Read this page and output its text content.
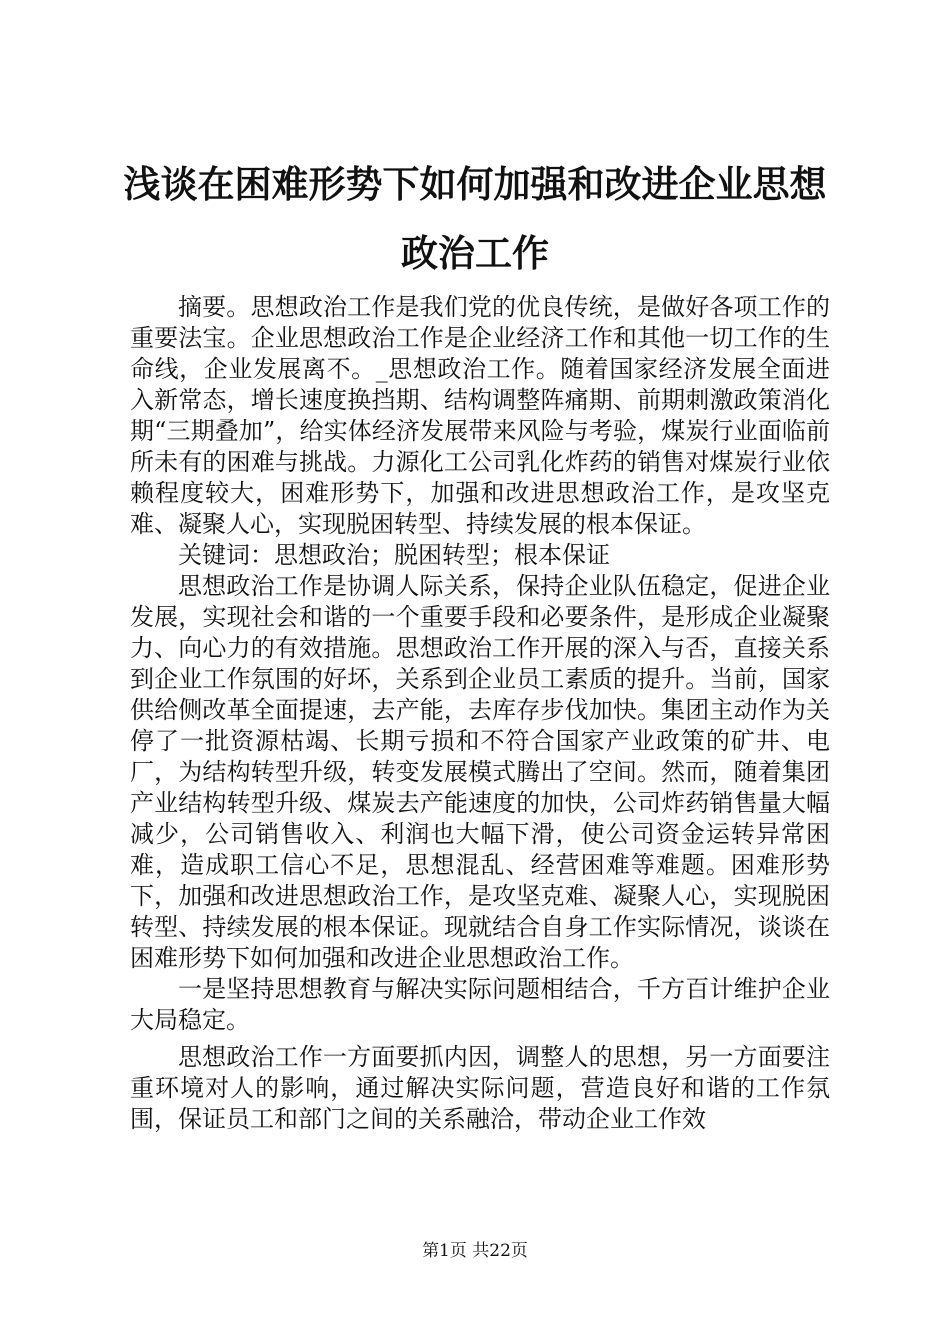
浅谈在困难形势下如何加强和改进企业思想政治工作

摘要。思想政治工作是我们党的优良传统，是做好各项工作的重要法宝。企业思想政治工作是企业经济工作和其他一切工作的生命线，企业发展离不。_思想政治工作。随着国家经济发展全面进入新常态，增长速度换挡期、结构调整阵痛期、前期刺激政策消化期“三期叠加”，给实体经济发展带来风险与考验，煤炭行业面临前所未有的困难与挑战。力源化工公司乳化炸药的销售对煤炭行业依赖程度较大，困难形势下，加强和改进思想政治工作，是攻坚克难、凝聚人心，实现脱困转型、持续发展的根本保证。

关键词：思想政治；脱困转型；根本保证

思想政治工作是协调人际关系，保持企业队伍稳定，促进企业发展，实现社会和谐的一个重要手段和必要条件，是形成企业凝聚力、向心力的有效措施。思想政治工作开展的深入与否，直接关系到企业工作氛围的好坏，关系到企业员工素质的提升。当前，国家供给侧改革全面提速，去产能，去库存步伐加快。集团主动作为关停了一批资源枯竭、长期亏损和不符合国家产业政策的矿井、电厂，为结构转型升级，转变发展模式腾出了空间。然而，随着集团产业结构转型升级、煤炭去产能速度的加快，公司炸药销售量大幅减少，公司销售收入、利润也大幅下滑，使公司资金运转异常困难，造成职工信心不足，思想混乱、经营困难等难题。困难形势下，加强和改进思想政治工作，是攻坚克难、凝聚人心，实现脱困转型、持续发展的根本保证。现就结合自身工作实际情况，谈谈在困难形势下如何加强和改进企业思想政治工作。

一是坚持思想教育与解决实际问题相结合，千方百计维护企业大局稳定。

思想政治工作一方面要抓内因，调整人的思想，另一方面要注重环境对人的影响，通过解决实际问题，营造良好和谐的工作氛围，保证员工和部门之间的关系融洽，带动企业工作效

第1页 共22页
